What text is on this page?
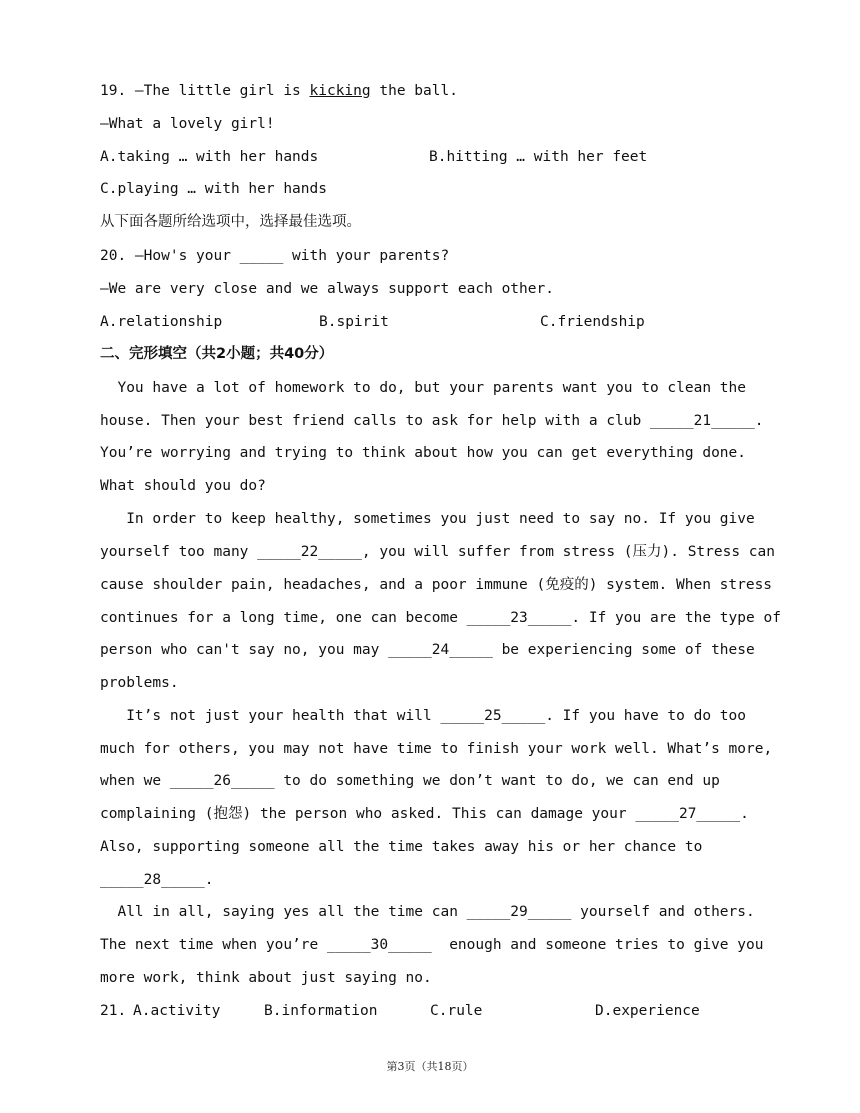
19. —The little girl is kicking the ball.
—What a lovely girl!
A.taking … with her hands	B.hitting … with her feet
C.playing … with her hands
从下面各题所给选项中，选择最佳选项。
20. —How's your _____ with your parents?
—We are very close and we always support each other.
A.relationship	B.spirit	C.friendship
二、完形填空（共2小题；共40分）
You have a lot of homework to do, but your parents want you to clean the
house. Then your best friend calls to ask for help with a club _____21_____.
You’re worrying and trying to think about how you can get everything done.
What should you do?
In order to keep healthy, sometimes you just need to say no. If you give
yourself too many _____22_____, you will suffer from stress (压力). Stress can
cause shoulder pain, headaches, and a poor immune (免疫的) system. When stress
continues for a long time, one can become _____23_____. If you are the type of
person who can't say no, you may _____24_____ be experiencing some of these
problems.
It’s not just your health that will _____25_____. If you have to do too
much for others, you may not have time to finish your work well. What’s more,
when we _____26_____ to do something we don’t want to do, we can end up
complaining (抱怨) the person who asked. This can damage your _____27_____.
Also, supporting someone all the time takes away his or her chance to
_____28_____.
All in all, saying yes all the time can _____29_____ yourself and others.
The next time when you’re _____30_____  enough and someone tries to give you
more work, think about just saying no.
21. A.activity	B.information	C.rule	D.experience
第3页（共18页）
